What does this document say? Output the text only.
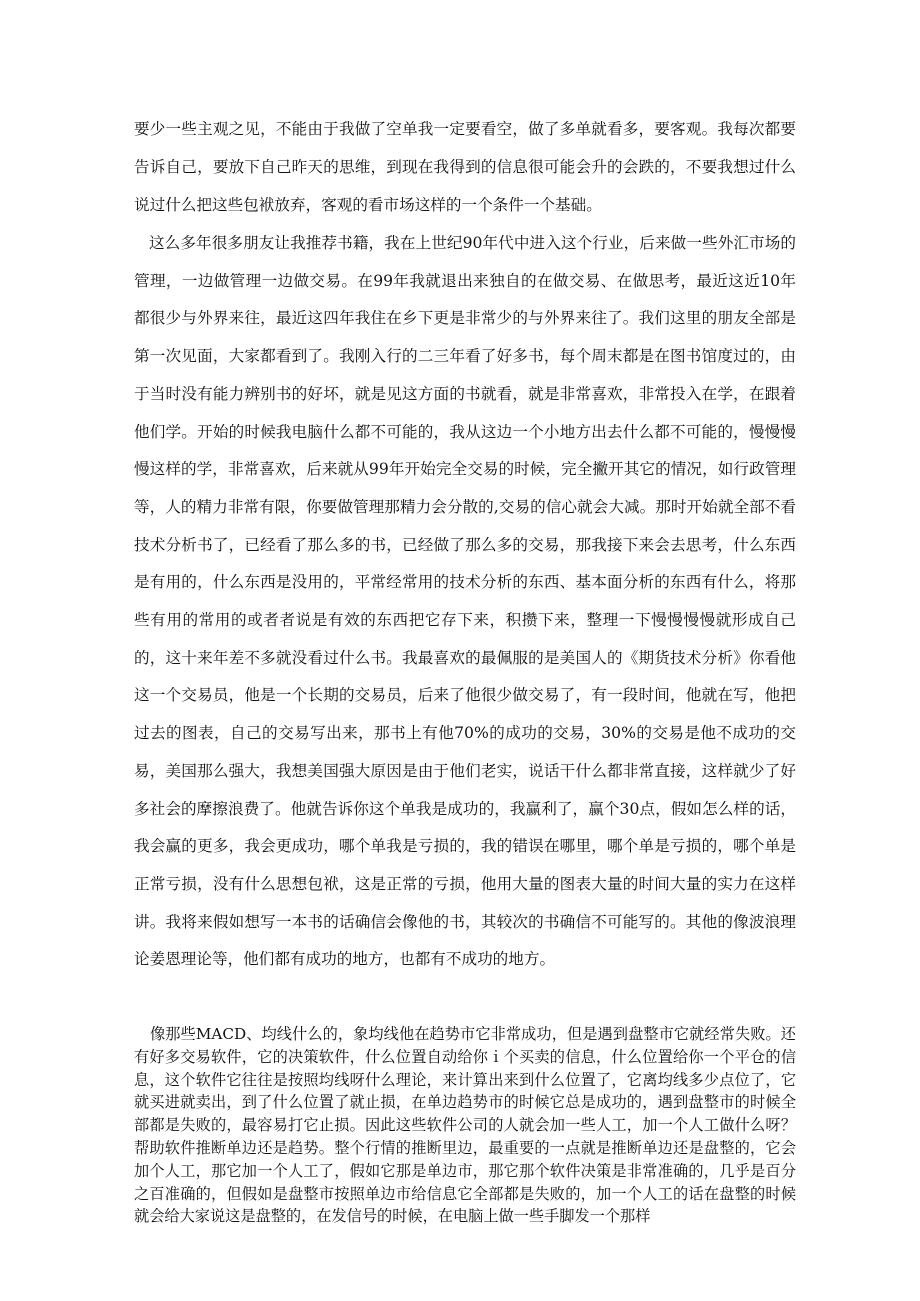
要少一些主观之见，不能由于我做了空单我一定要看空，做了多单就看多，要客观。我每次都要告诉自己，要放下自己昨天的思维，到现在我得到的信息很可能会升的会跌的，不要我想过什么说过什么把这些包袱放弃，客观的看市场这样的一个条件一个基础。

这么多年很多朋友让我推荐书籍，我在上世纪90年代中进入这个行业，后来做一些外汇市场的管理，一边做管理一边做交易。在99年我就退出来独自的在做交易、在做思考，最近这近10年都很少与外界来往，最近这四年我住在乡下更是非常少的与外界来往了。我们这里的朋友全部是第一次见面，大家都看到了。我刚入行的二三年看了好多书，每个周末都是在图书馆度过的，由于当时没有能力辨别书的好坏，就是见这方面的书就看，就是非常喜欢，非常投入在学，在跟着他们学。开始的时候我电脑什么都不可能的，我从这边一个小地方出去什么都不可能的，慢慢慢慢这样的学，非常喜欢，后来就从99年开始完全交易的时候，完全撇开其它的情况，如行政管理等，人的精力非常有限，你要做管理那精力会分散的,交易的信心就会大减。那时开始就全部不看技术分析书了，已经看了那么多的书，已经做了那么多的交易，那我接下来会去思考，什么东西是有用的，什么东西是没用的，平常经常用的技术分析的东西、基本面分析的东西有什么，将那些有用的常用的或者者说是有效的东西把它存下来，积攒下来，整理一下慢慢慢慢就形成自己的，这十来年差不多就没看过什么书。我最喜欢的最佩服的是美国人的《期货技术分析》你看他这一个交易员，他是一个长期的交易员，后来了他很少做交易了，有一段时间，他就在写，他把过去的图表，自己的交易写出来，那书上有他70%的成功的交易，30%的交易是他不成功的交易，美国那么强大，我想美国强大原因是由于他们老实，说话干什么都非常直接，这样就少了好多社会的摩擦浪费了。他就告诉你这个单我是成功的，我赢利了，赢个30点，假如怎么样的话，我会赢的更多，我会更成功，哪个单我是亏损的，我的错误在哪里，哪个单是亏损的，哪个单是正常亏损，没有什么思想包袱，这是正常的亏损，他用大量的图表大量的时间大量的实力在这样讲。我将来假如想写一本书的话确信会像他的书，其较次的书确信不可能写的。其他的像波浪理论姜恩理论等，他们都有成功的地方，也都有不成功的地方。

像那些MACD、均线什么的，象均线他在趋势市它非常成功，但是遇到盘整市它就经常失败。还有好多交易软件，它的决策软件，什么位置自动给你ｉ个买卖的信息，什么位置给你一个平仓的信息，这个软件它往往是按照均线呀什么理论，来计算出来到什么位置了，它离均线多少点位了，它就买进就卖出，到了什么位置了就止损，在单边趋势市的时候它总是成功的，遇到盘整市的时候全部都是失败的，最容易打它止损。因此这些软件公司的人就会加一些人工，加一个人工做什么呀？帮助软件推断单边还是趋势。整个行情的推断里边，最重要的一点就是推断单边还是盘整的，它会加个人工，那它加一个人工了，假如它那是单边市，那它那个软件决策是非常准确的，几乎是百分之百准确的，但假如是盘整市按照单边市给信息它全部都是失败的，加一个人工的话在盘整的时候就会给大家说这是盘整的，在发信号的时候，在电脑上做一些手脚发一个那样
